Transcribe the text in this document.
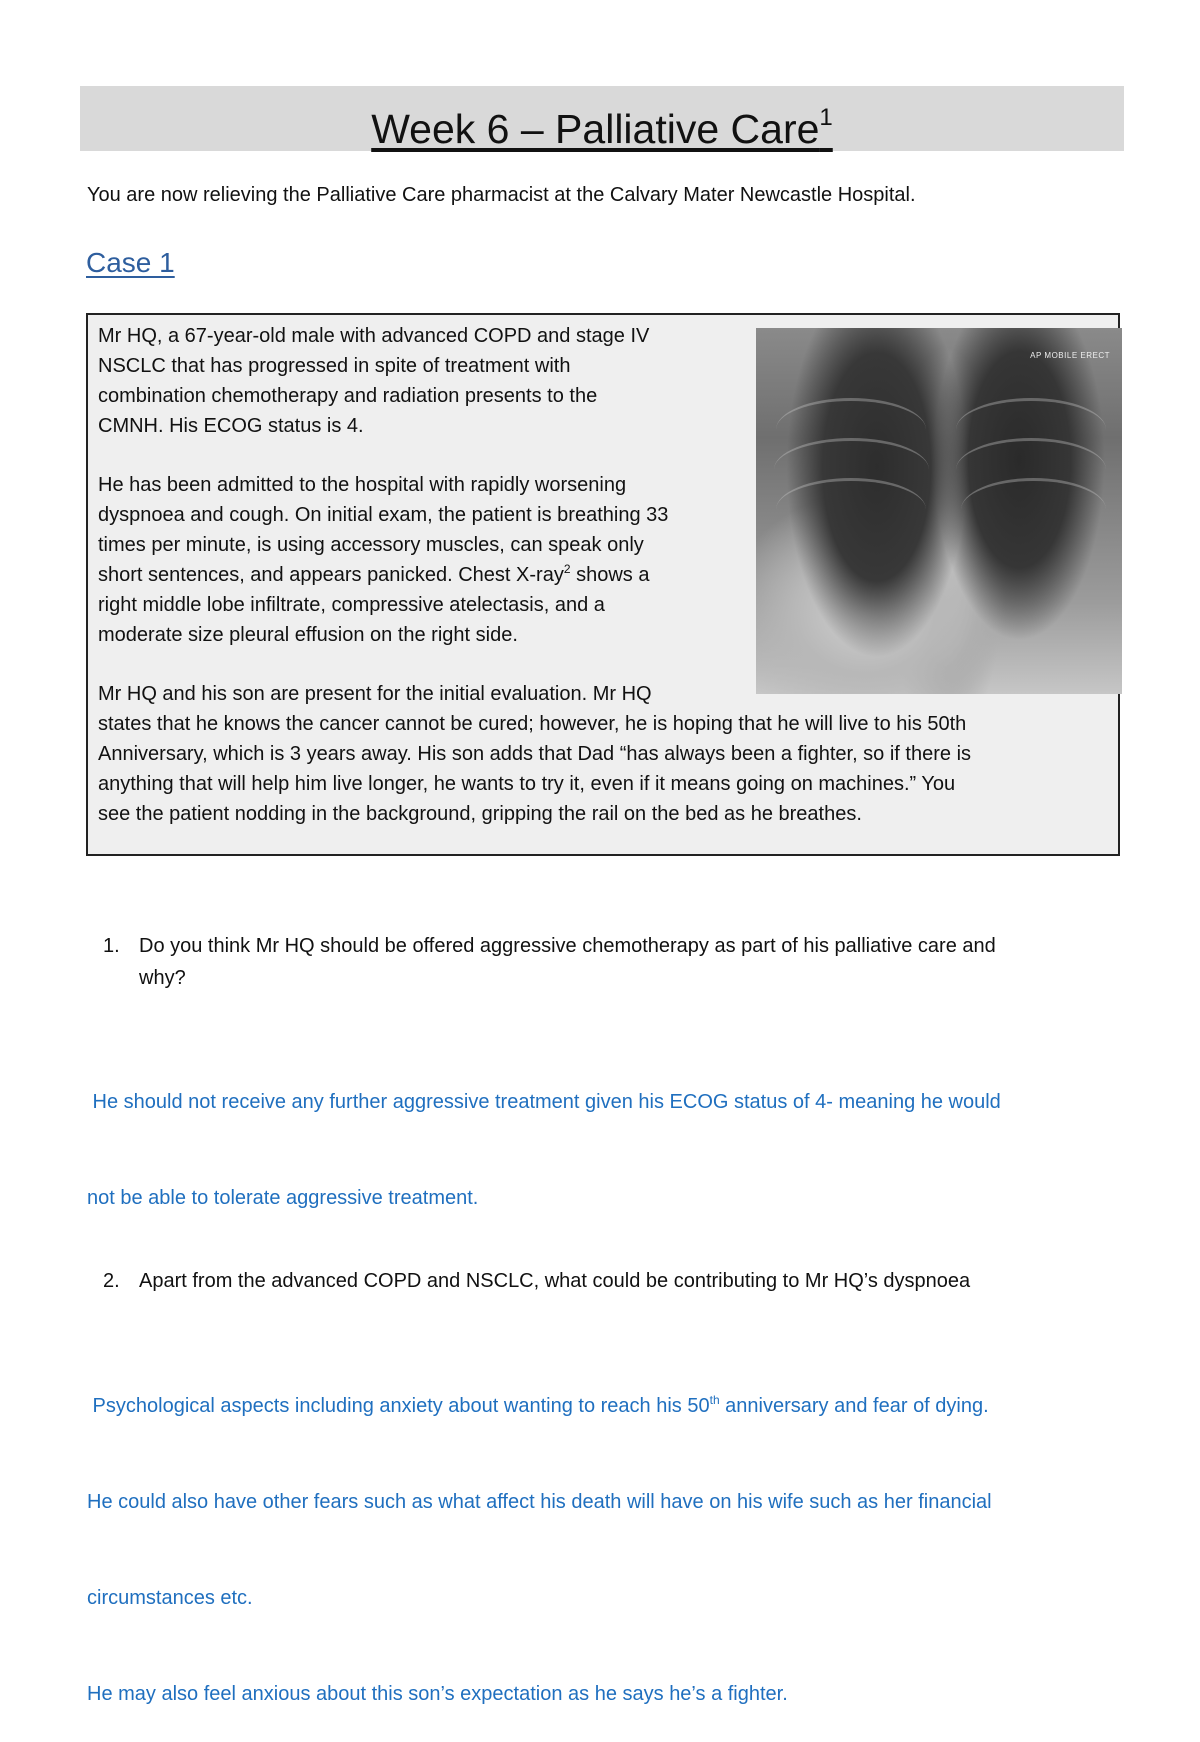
Week 6 – Palliative Care$^1$
You are now relieving the Palliative Care pharmacist at the Calvary Mater Newcastle Hospital.
Case 1
Mr HQ, a 67-year-old male with advanced COPD and stage IV
NSCLC that has progressed in spite of treatment with
combination chemotherapy and radiation presents to the
CMNH. His ECOG status is 4.
He has been admitted to the hospital with rapidly worsening
dyspnoea and cough. On initial exam, the patient is breathing 33
times per minute, is using accessory muscles, can speak only
short sentences, and appears panicked. Chest X-ray$^2$ shows a
right middle lobe infiltrate, compressive atelectasis, and a
moderate size pleural effusion on the right side.
Mr HQ and his son are present for the initial evaluation. Mr HQ
states that he knows the cancer cannot be cured; however, he is hoping that he will live to his 50th
Anniversary, which is 3 years away. His son adds that Dad “has always been a fighter, so if there is
anything that will help him live longer, he wants to try it, even if it means going on machines.” You
see the patient nodding in the background, gripping the rail on the bed as he breathes.
AP MOBILE ERECT
1. Do you think Mr HQ should be offered aggressive chemotherapy as part of his palliative care and
why?

He should not receive any further aggressive treatment given his ECOG status of 4- meaning he would

not be able to tolerate aggressive treatment.

2. Apart from the advanced COPD and NSCLC, what could be contributing to Mr HQ’s dyspnoea

Psychological aspects including anxiety about wanting to reach his 50th anniversary and fear of dying.

He could also have other fears such as what affect his death will have on his wife such as her financial

circumstances etc.

He may also feel anxious about this son’s expectation as he says he’s a fighter.
